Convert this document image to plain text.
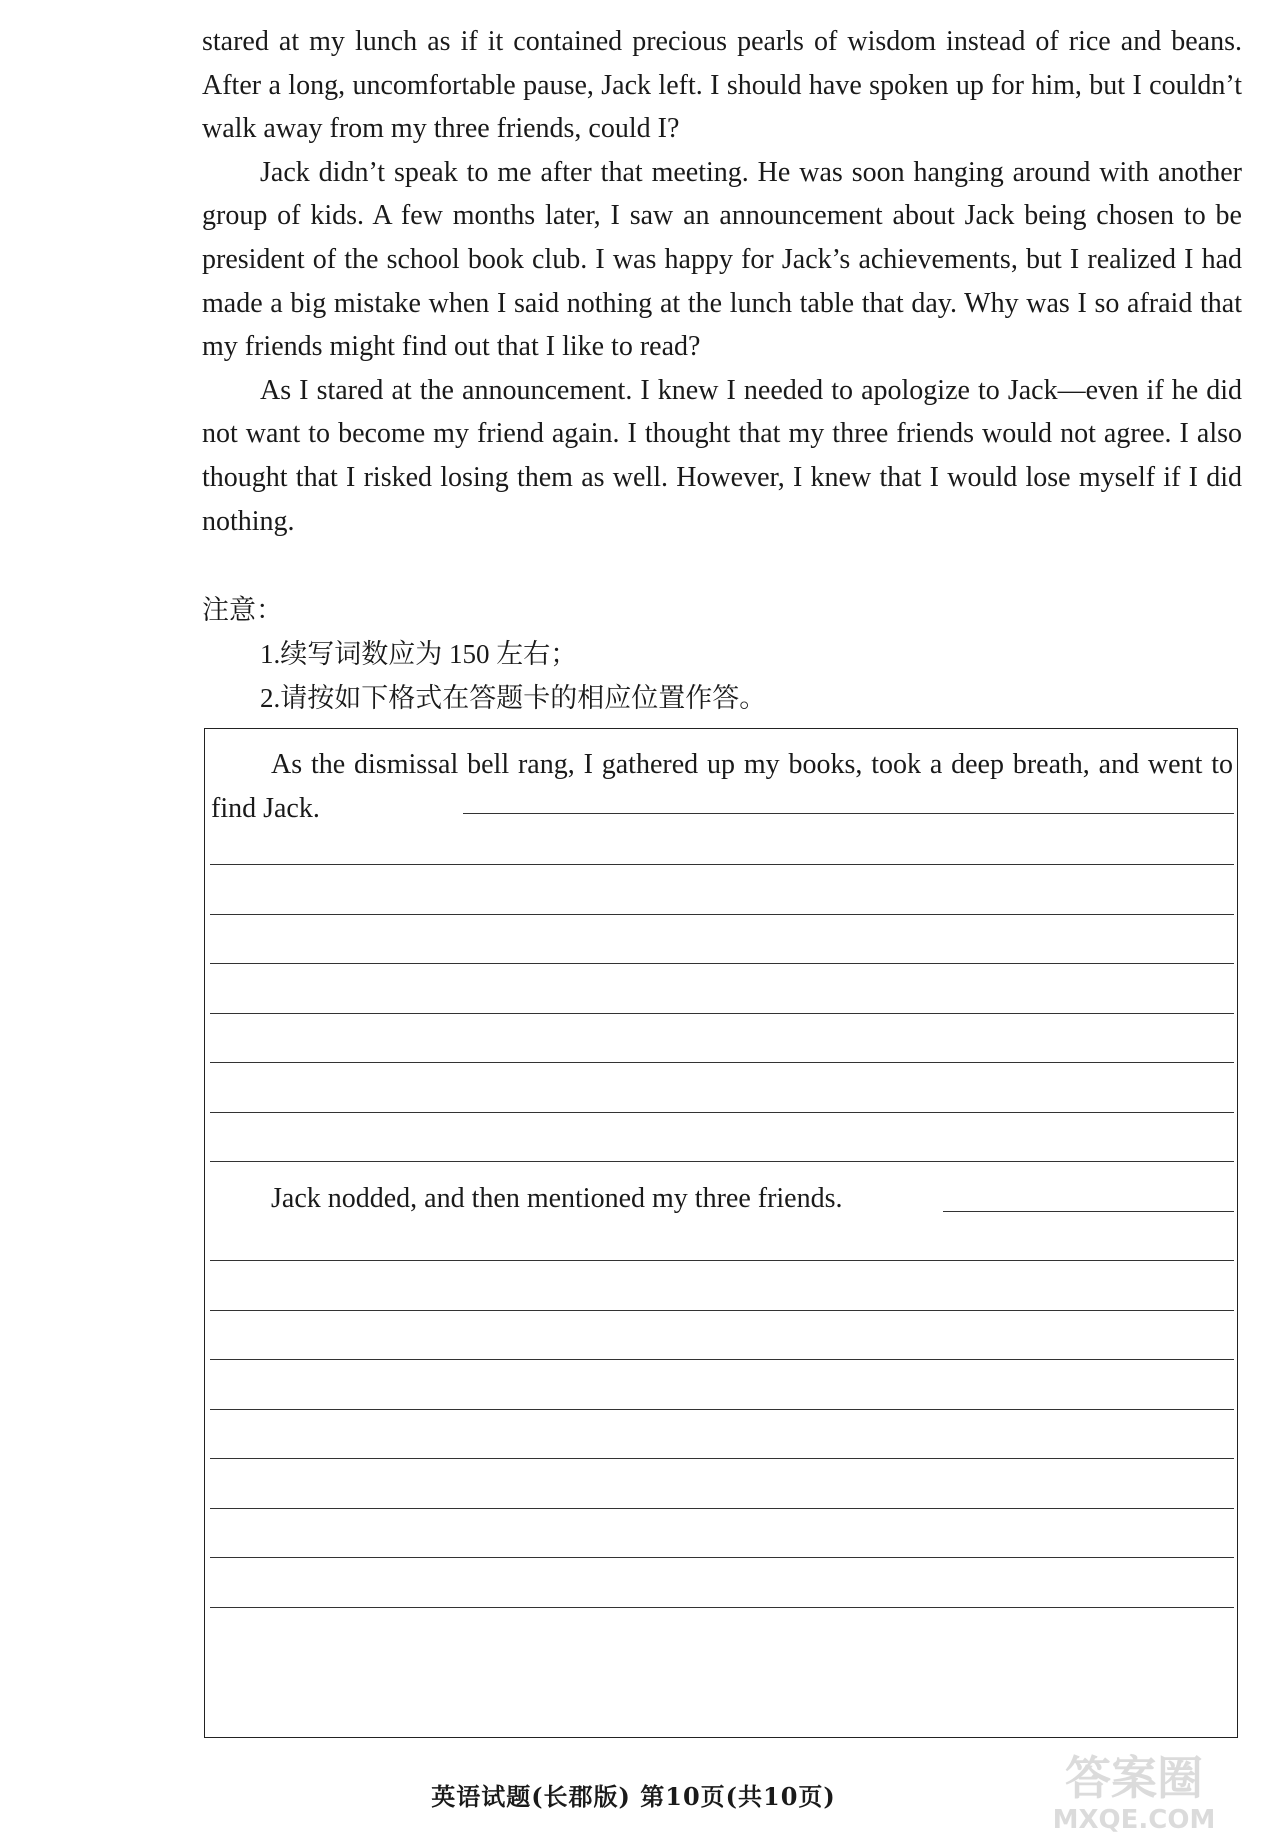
stared at my lunch as if it contained precious pearls of wisdom instead of rice and beans. After a long, uncomfortable pause, Jack left. I should have spoken up for him, but I couldn’t walk away from my three friends, could I?

Jack didn’t speak to me after that meeting. He was soon hanging around with another group of kids. A few months later, I saw an announcement about Jack being chosen to be president of the school book club. I was happy for Jack’s achievements, but I realized I had made a big mistake when I said nothing at the lunch table that day. Why was I so afraid that my friends might find out that I like to read?

As I stared at the announcement. I knew I needed to apologize to Jack—even if he did not want to become my friend again. I thought that my three friends would not agree. I also thought that I risked losing them as well. However, I knew that I would lose myself if I did nothing.

注意：

1.续写词数应为 150 左右；

2.请按如下格式在答题卡的相应位置作答。

As the dismissal bell rang, I gathered up my books, took a deep breath, and went to find Jack.
Jack nodded, and then mentioned my three friends.
英语试题(长郡版) 第10页(共10页)	答案圈
MXQE.COM
